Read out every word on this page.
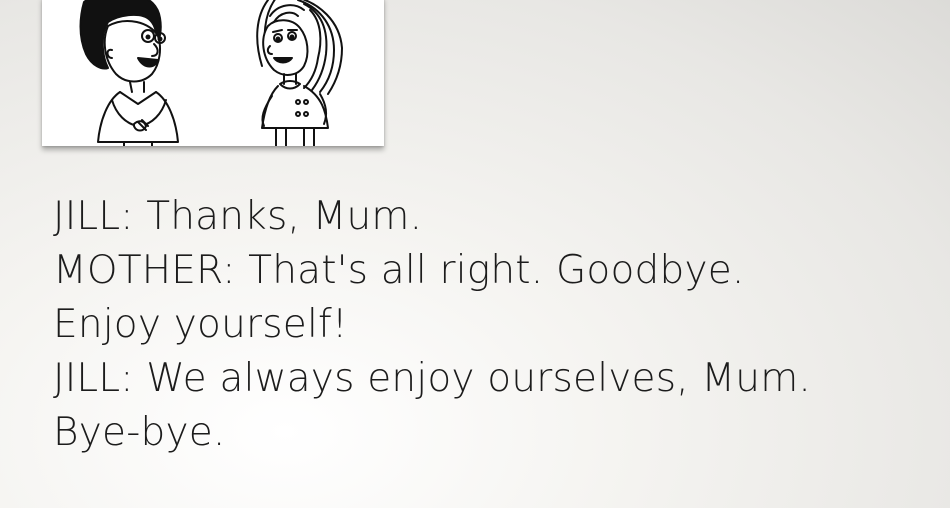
JILL: Thanks, Mum.
MOTHER: That's all right. Goodbye.
Enjoy yourself!
JILL: We always enjoy ourselves, Mum.
Bye-bye.
